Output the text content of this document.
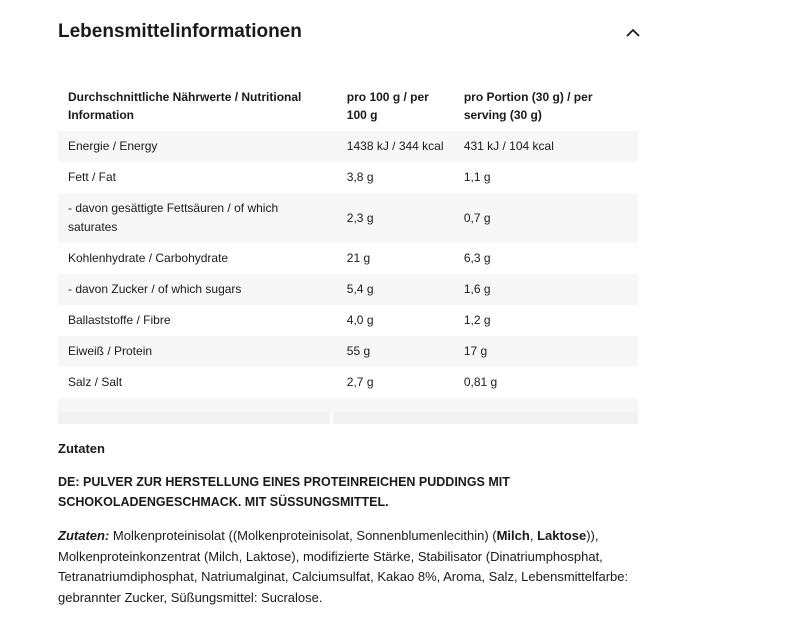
Lebensmittelinformationen
Durchschnittliche Nährwerte / Nutritional Information	pro 100 g / per 100 g	pro Portion (30 g) / per serving (30 g)
Energie / Energy	1438 kJ / 344 kcal	431 kJ / 104 kcal
Fett / Fat	3,8 g	1,1 g
- davon gesättigte Fettsäuren / of which saturates	2,3 g	0,7 g
Kohlenhydrate / Carbohydrate	21 g	6,3 g
- davon Zucker / of which sugars	5,4 g	1,6 g
Ballaststoffe / Fibre	4,0 g	1,2 g
Eiweiß / Protein	55 g	17 g
Salz / Salt	2,7 g	0,81 g
Zutaten
DE: PULVER ZUR HERSTELLUNG EINES PROTEINREICHEN PUDDINGS MIT SCHOKOLADENGESCHMACK. MIT SÜSSUNGSMITTEL.
Zutaten: Molkenproteinisolat ((Molkenproteinisolat, Sonnenblumenlecithin) (Milch, Laktose)), Molkenproteinkonzentrat (Milch, Laktose), modifizierte Stärke, Stabilisator (Dinatriumphosphat, Tetranatriumdiphosphat, Natriumalginat, Calciumsulfat, Kakao 8%, Aroma, Salz, Lebensmittelfarbe: gebrannter Zucker, Süßungsmittel: Sucralose.
